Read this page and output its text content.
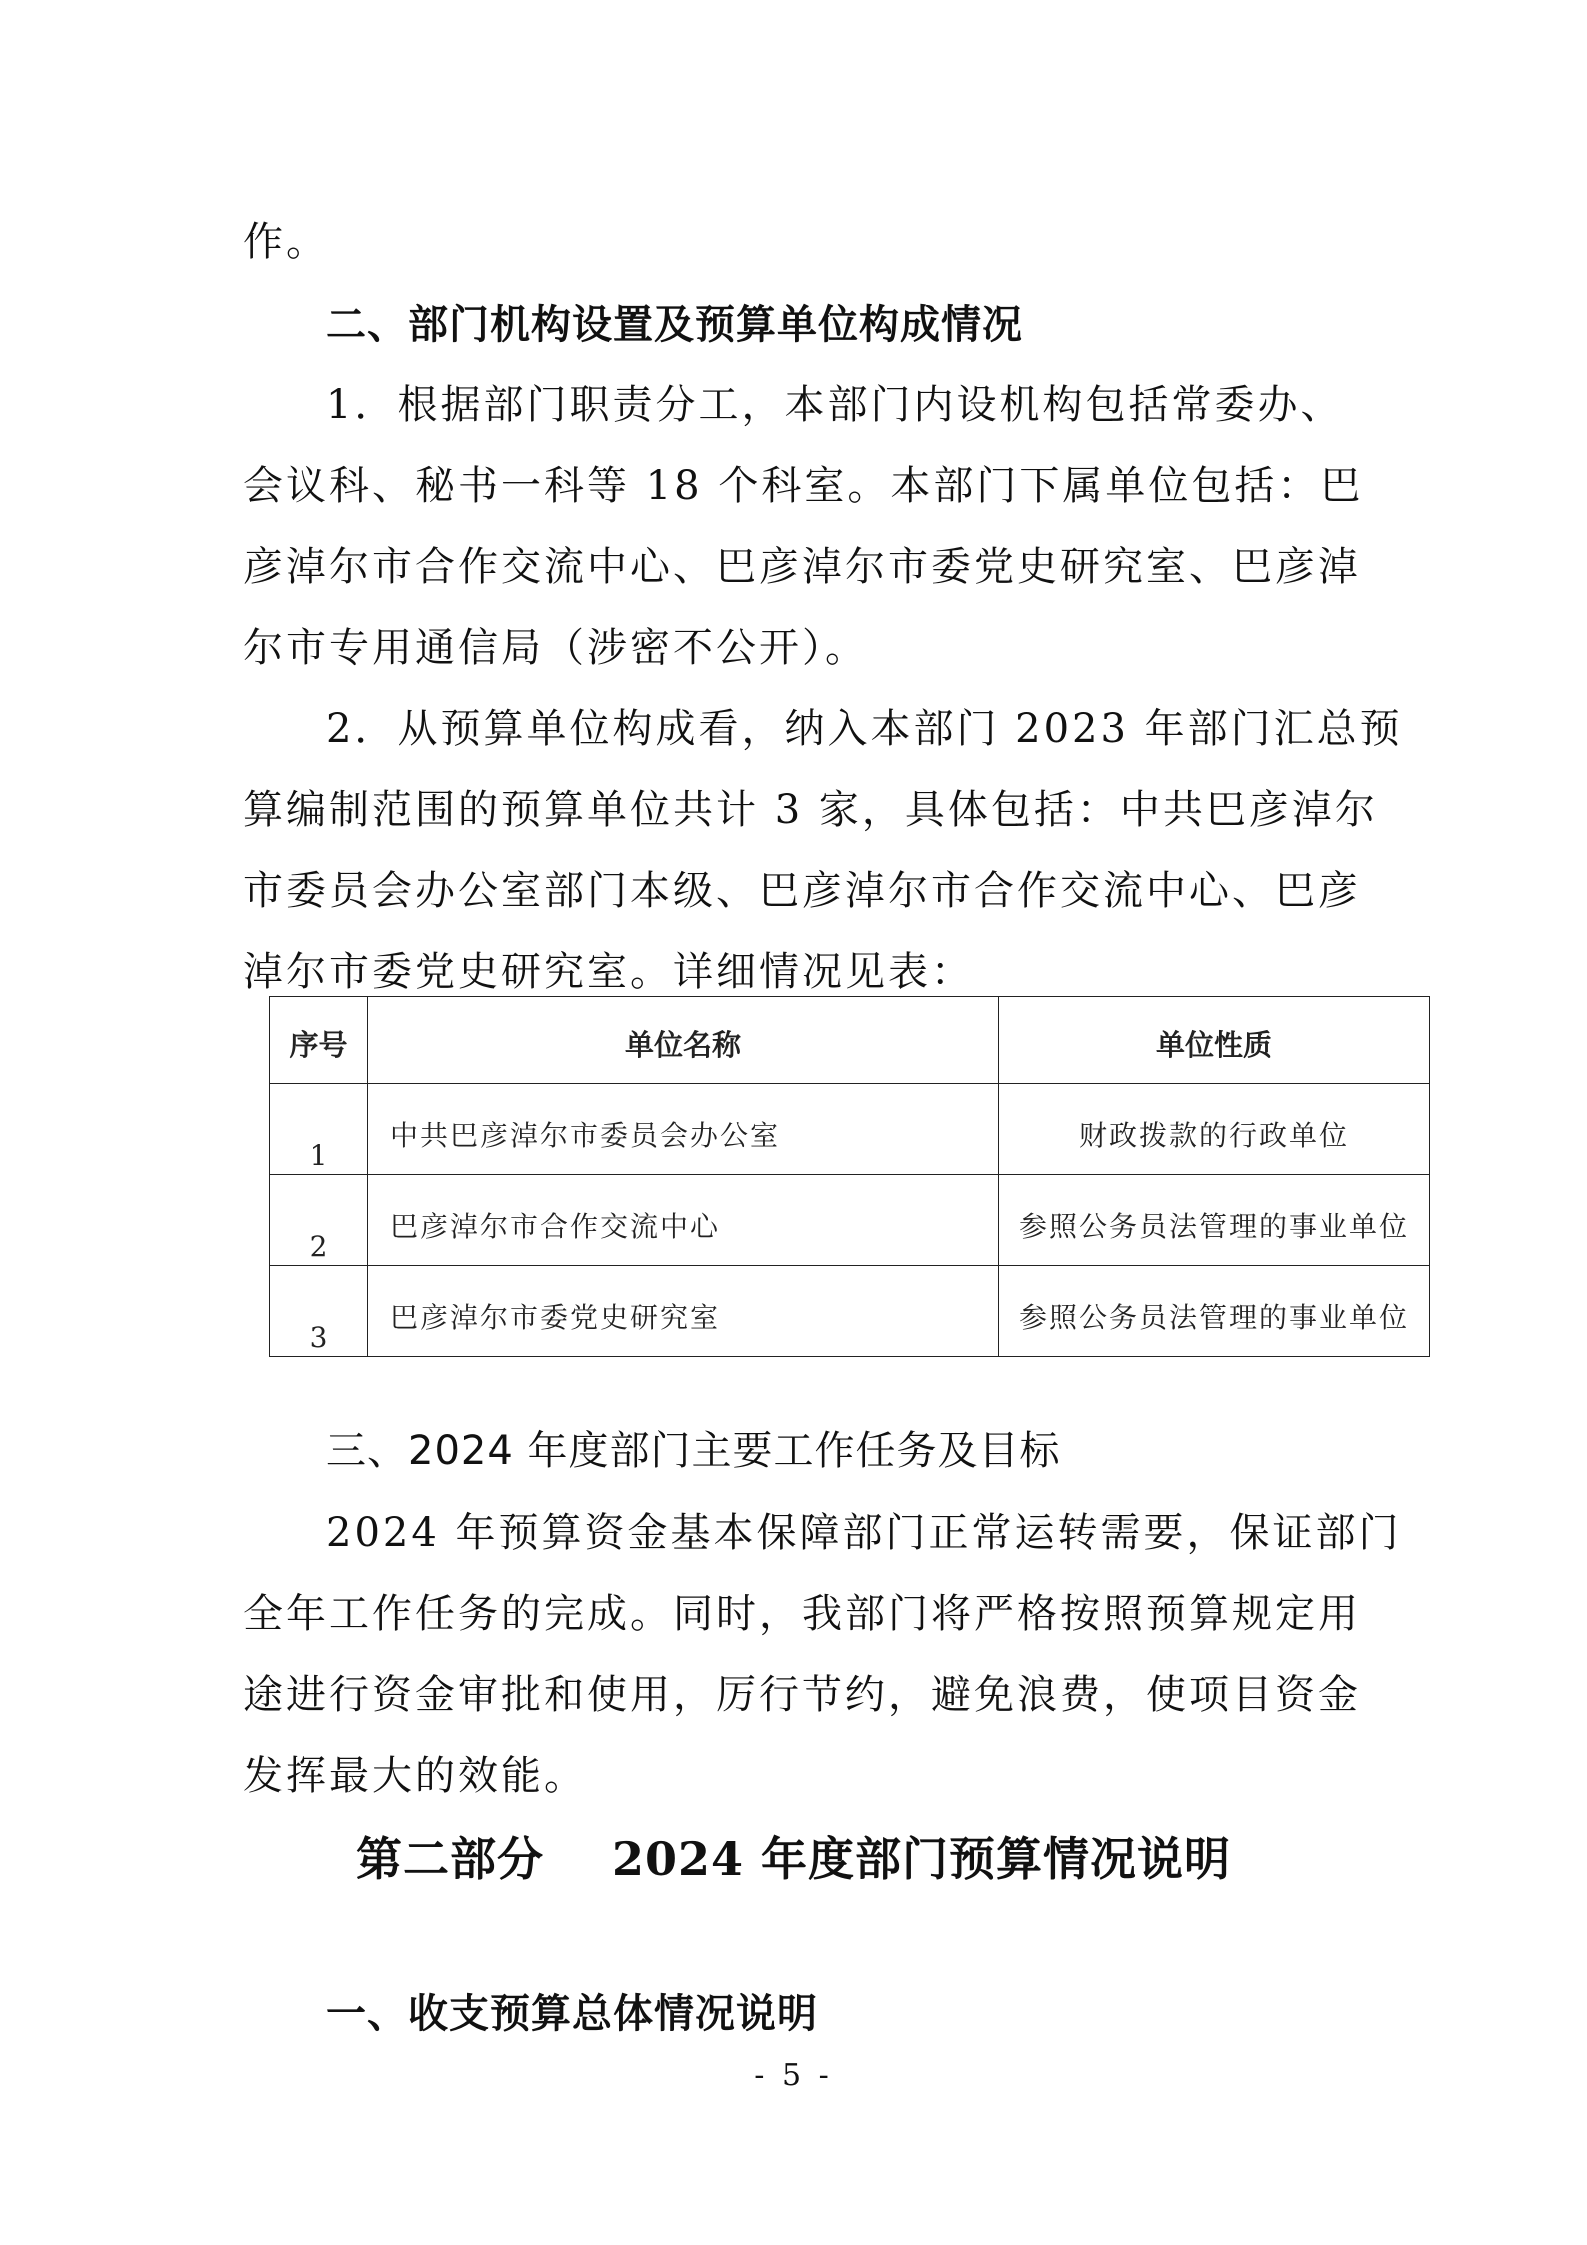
作。
二、部门机构设置及预算单位构成情况
1．根据部门职责分工，本部门内设机构包括常委办、
会议科、秘书一科等 18 个科室。本部门下属单位包括：巴
彦淖尔市合作交流中心、巴彦淖尔市委党史研究室、巴彦淖
尔市专用通信局（涉密不公开）。
2．从预算单位构成看，纳入本部门 2023 年部门汇总预
算编制范围的预算单位共计 3 家，具体包括：中共巴彦淖尔
市委员会办公室部门本级、巴彦淖尔市合作交流中心、巴彦
淖尔市委党史研究室。详细情况见表：
序号	单位名称	单位性质
1	中共巴彦淖尔市委员会办公室	财政拨款的行政单位
2	巴彦淖尔市合作交流中心	参照公务员法管理的事业单位
3	巴彦淖尔市委党史研究室	参照公务员法管理的事业单位
三、2024 年度部门主要工作任务及目标
2024 年预算资金基本保障部门正常运转需要，保证部门
全年工作任务的完成。同时，我部门将严格按照预算规定用
途进行资金审批和使用，厉行节约，避免浪费，使项目资金
发挥最大的效能。
第二部分    2024 年度部门预算情况说明
一、收支预算总体情况说明
- 5 -
